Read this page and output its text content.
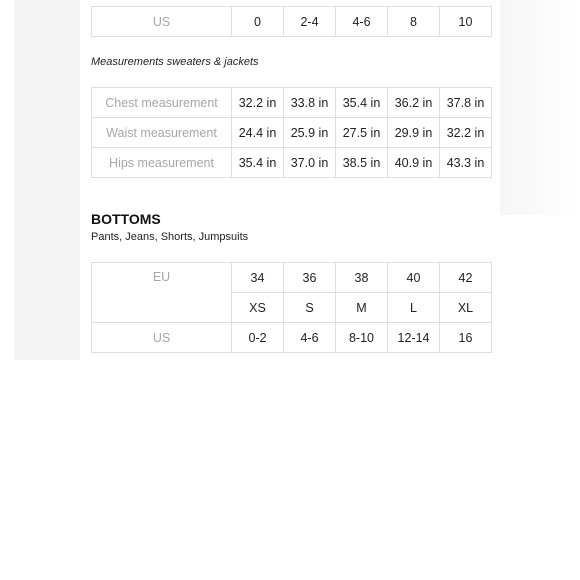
US	0	2-4	4-6	8	10
Measurements sweaters & jackets
Chest measurement	32.2 in	33.8 in	35.4 in	36.2 in	37.8 in
Waist measurement	24.4 in	25.9 in	27.5 in	29.9 in	32.2 in
Hips measurement	35.4 in	37.0 in	38.5 in	40.9 in	43.3 in
BOTTOMS
Pants, Jeans, Shorts, Jumpsuits
EU	34	36	38	40	42
	XS	S	M	L	XL
US	0-2	4-6	8-10	12-14	16
